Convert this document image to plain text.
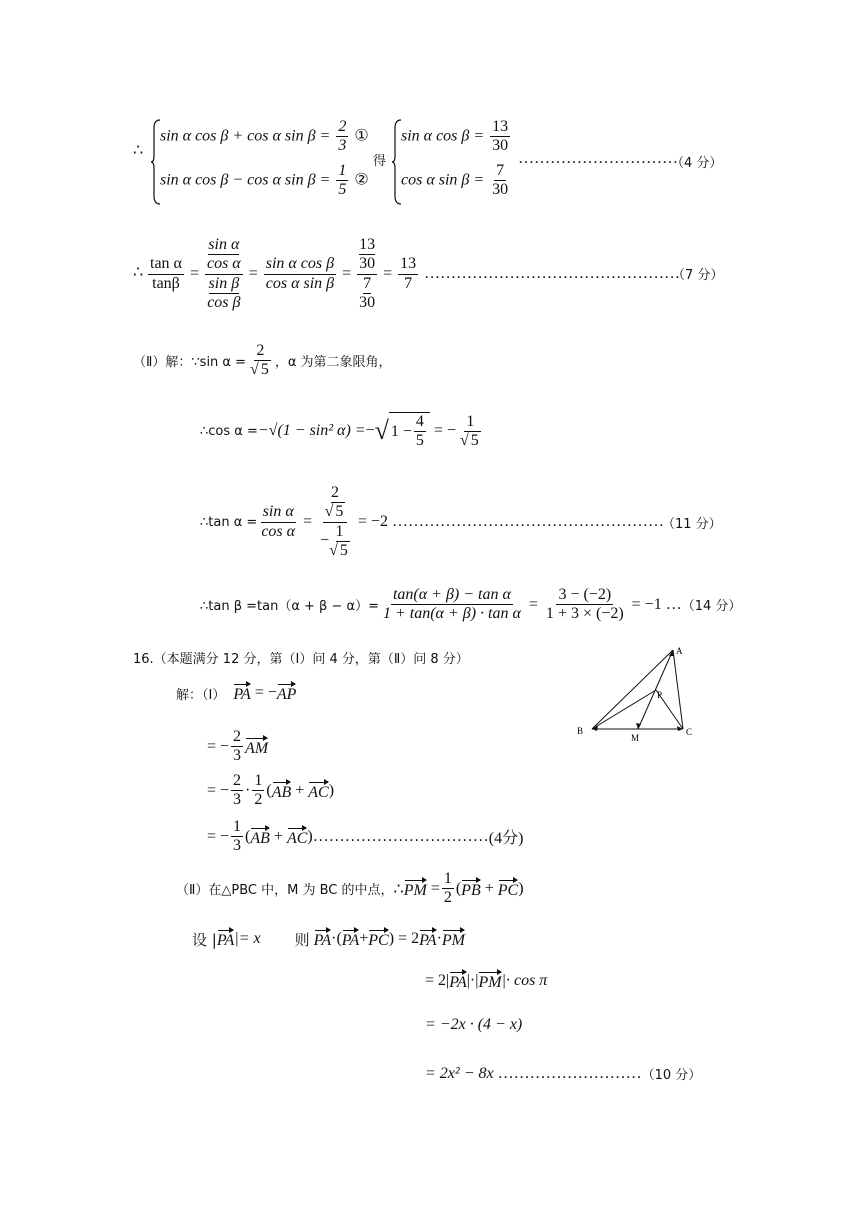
∴
sin α cos β + cos α $\sin \beta = \frac{2}{3}$ ①
sin α cos β − cos α $\sin \beta = \frac{1}{5}$ ②
得
sin α $\cos \beta = \frac{13}{30}$
cos α $\sin \beta = \frac{7}{30}$
…………………………
（4 分）
∴ $\frac{\text{tan α}}{\tan\beta} = \sin \alpha$
cos α
sin β
$\cos \beta = \frac{\text{sin α cos β}}{\text{cos α sin β}} = \frac{\frac{13}{30}}{\frac{7}{30}} = \frac{13}{7}$
…………………………………………
（7 分）
（Ⅱ）解：∵sin $\alpha = \frac{2}{√ 5}$ ，α 为第二象限角，
∴cos α = −√(1 − sin² α) = − √ $1 - \frac{4}{5}$
= − $\frac{1}{√ 5}$
∴tan $\alpha = \frac{\text{sin α}}{\text{cos α}} = 2$
√ 5
−
1
√ 5
= −2
……………………………………………
（11 分）
∴tan $\beta =\tan(\alpha + \beta - \alpha)= \frac{\text{tan(α + β) − tan α}}{\text{1 + tan(α + β) · tan α}} = \frac{3 - (-2)}{1 + 3 \times (-2)}$
= −1
… （14 分）
16.（本题满分 12 分，第（Ⅰ）问 4 分，第（Ⅱ）问 8 分）
解：（Ⅰ）
PA
= − AP
= − $\frac{2}{3}$ AM
= − $\frac{2}{3} \cdot \frac{1}{2}$ ( AB
+
AC )
= − $\frac{1}{3}$ ( AB
+
AC ) …………………………… (4分)
（Ⅱ）在△PBC 中，M 为 BC 的中点， ∴ PM
= $\frac{1}{2}$ ( PB
+
PC )
设 | PA |= x 则
PA ·( PA + PC ) = 2 PA · PM
= 2| PA |·| PM |· cos π
= −2x · (4 − x)
= 2x² − 8x
……………………… （10 分）
A
B	C
M
P
